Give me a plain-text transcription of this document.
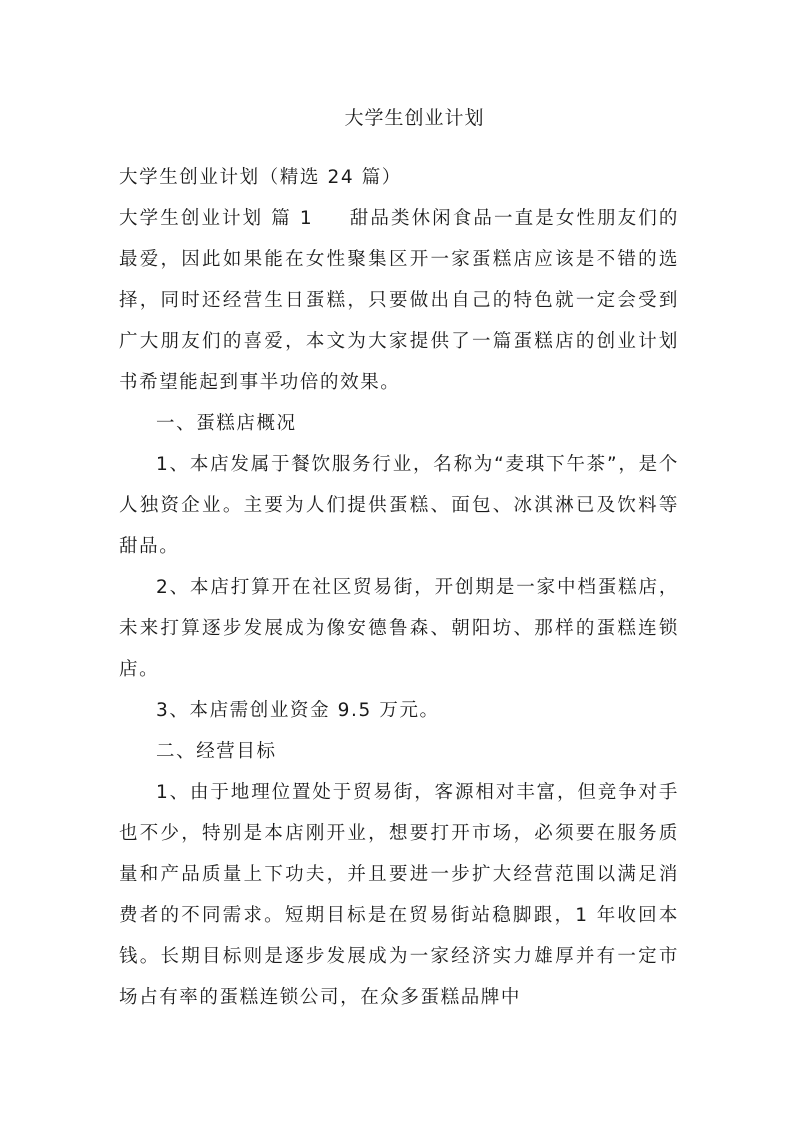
大学生创业计划

大学生创业计划（精选 24 篇）

大学生创业计划 篇 1 甜品类休闲食品一直是女性朋友们的最爱，因此如果能在女性聚集区开一家蛋糕店应该是不错的选择，同时还经营生日蛋糕，只要做出自己的特色就一定会受到广大朋友们的喜爱，本文为大家提供了一篇蛋糕店的创业计划书希望能起到事半功倍的效果。

一、蛋糕店概况

1、本店发属于餐饮服务行业，名称为“麦琪下午茶”，是个人独资企业。主要为人们提供蛋糕、面包、冰淇淋已及饮料等甜品。

2、本店打算开在社区贸易街，开创期是一家中档蛋糕店，未来打算逐步发展成为像安德鲁森、朝阳坊、那样的蛋糕连锁店。

3、本店需创业资金 9.5 万元。

二、经营目标

1、由于地理位置处于贸易街，客源相对丰富，但竞争对手也不少，特别是本店刚开业，想要打开市场，必须要在服务质量和产品质量上下功夫，并且要进一步扩大经营范围以满足消费者的不同需求。短期目标是在贸易街站稳脚跟，1 年收回本钱。长期目标则是逐步发展成为一家经济实力雄厚并有一定市场占有率的蛋糕连锁公司，在众多蛋糕品牌中
